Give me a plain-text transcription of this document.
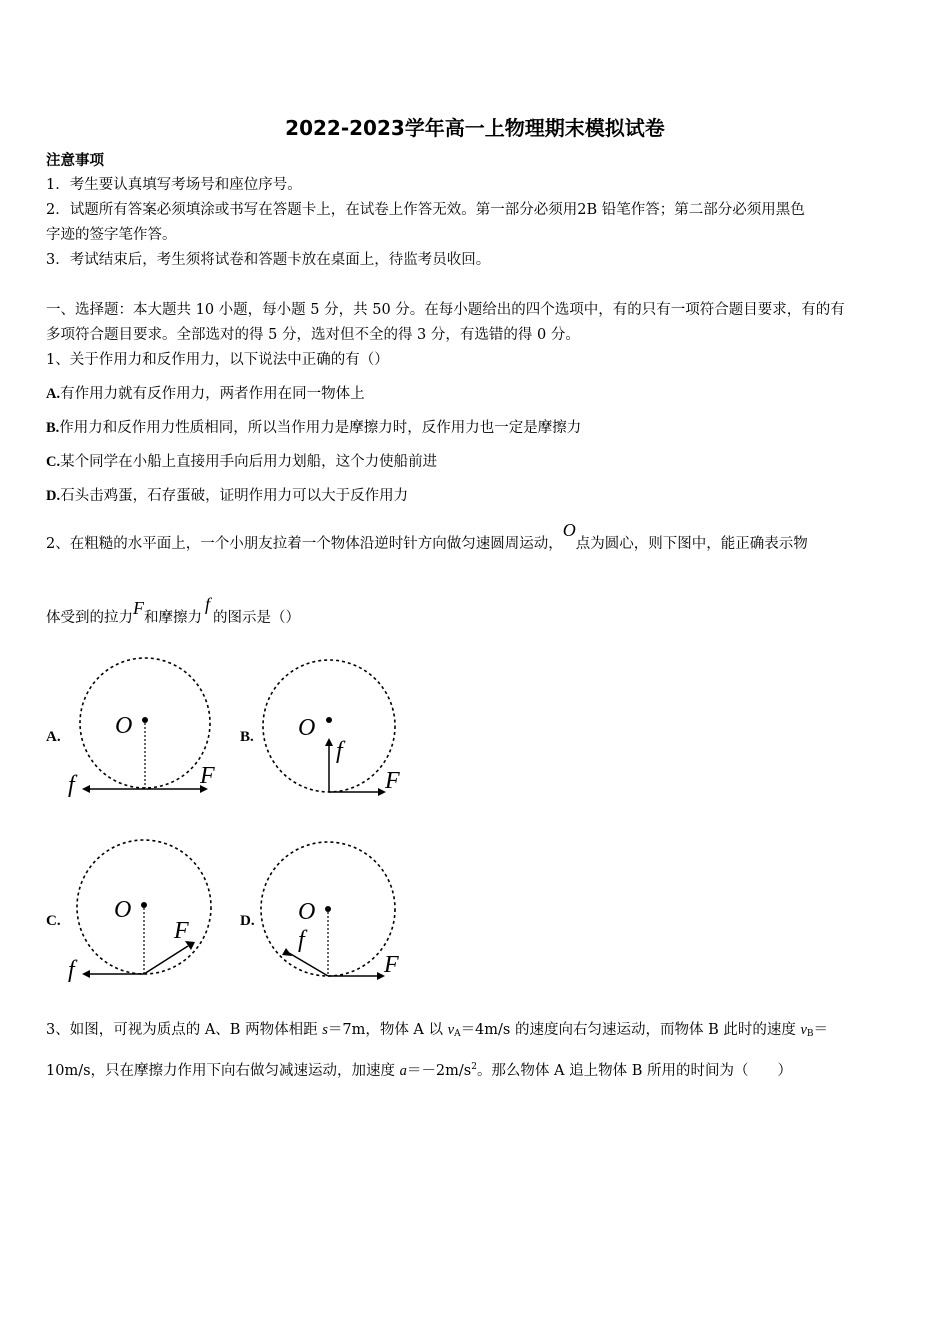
2022-2023学年高一上物理期末模拟试卷
注意事项
1．考生要认真填写考场号和座位序号。
2．试题所有答案必须填涂或书写在答题卡上，在试卷上作答无效。第一部分必须用2B 铅笔作答；第二部分必须用黑色
字迹的签字笔作答。
3．考试结束后，考生须将试卷和答题卡放在桌面上，待监考员收回。
一、选择题：本大题共 10 小题，每小题 5 分，共 50 分。在每小题给出的四个选项中，有的只有一项符合题目要求，有的有
多项符合题目要求。全部选对的得 5 分，选对但不全的得 3 分，有选错的得 0 分。
1、关于作用力和反作用力，以下说法中正确的有（）
A.有作用力就有反作用力，两者作用在同一物体上
B.作用力和反作用力性质相同，所以当作用力是摩擦力时，反作用力也一定是摩擦力
C.某个同学在小船上直接用手向后用力划船，这个力使船前进
D.石头击鸡蛋，石存蛋破，证明作用力可以大于反作用力
2、在粗糙的水平面上，一个小朋友拉着一个物体沿逆时针方向做匀速圆周运动，O点为圆心，则下图中，能正确表示物
体受到的拉力F和摩擦力f的图示是（）
A. O
f	F
B. O
f
F
C. O
f
F	D. O
f
F
3、如图，可视为质点的 A、B 两物体相距 s＝7m，物体 A 以 $v_A=4m/s$ 的速度向右匀速运动，而物体 B 此时的速度 $v_B=$
10m/s，只在摩擦力作用下向右做匀减速运动，加速度 $a=-2m/s^2$。那么物体 A 追上物体 B 所用的时间为（　　）
